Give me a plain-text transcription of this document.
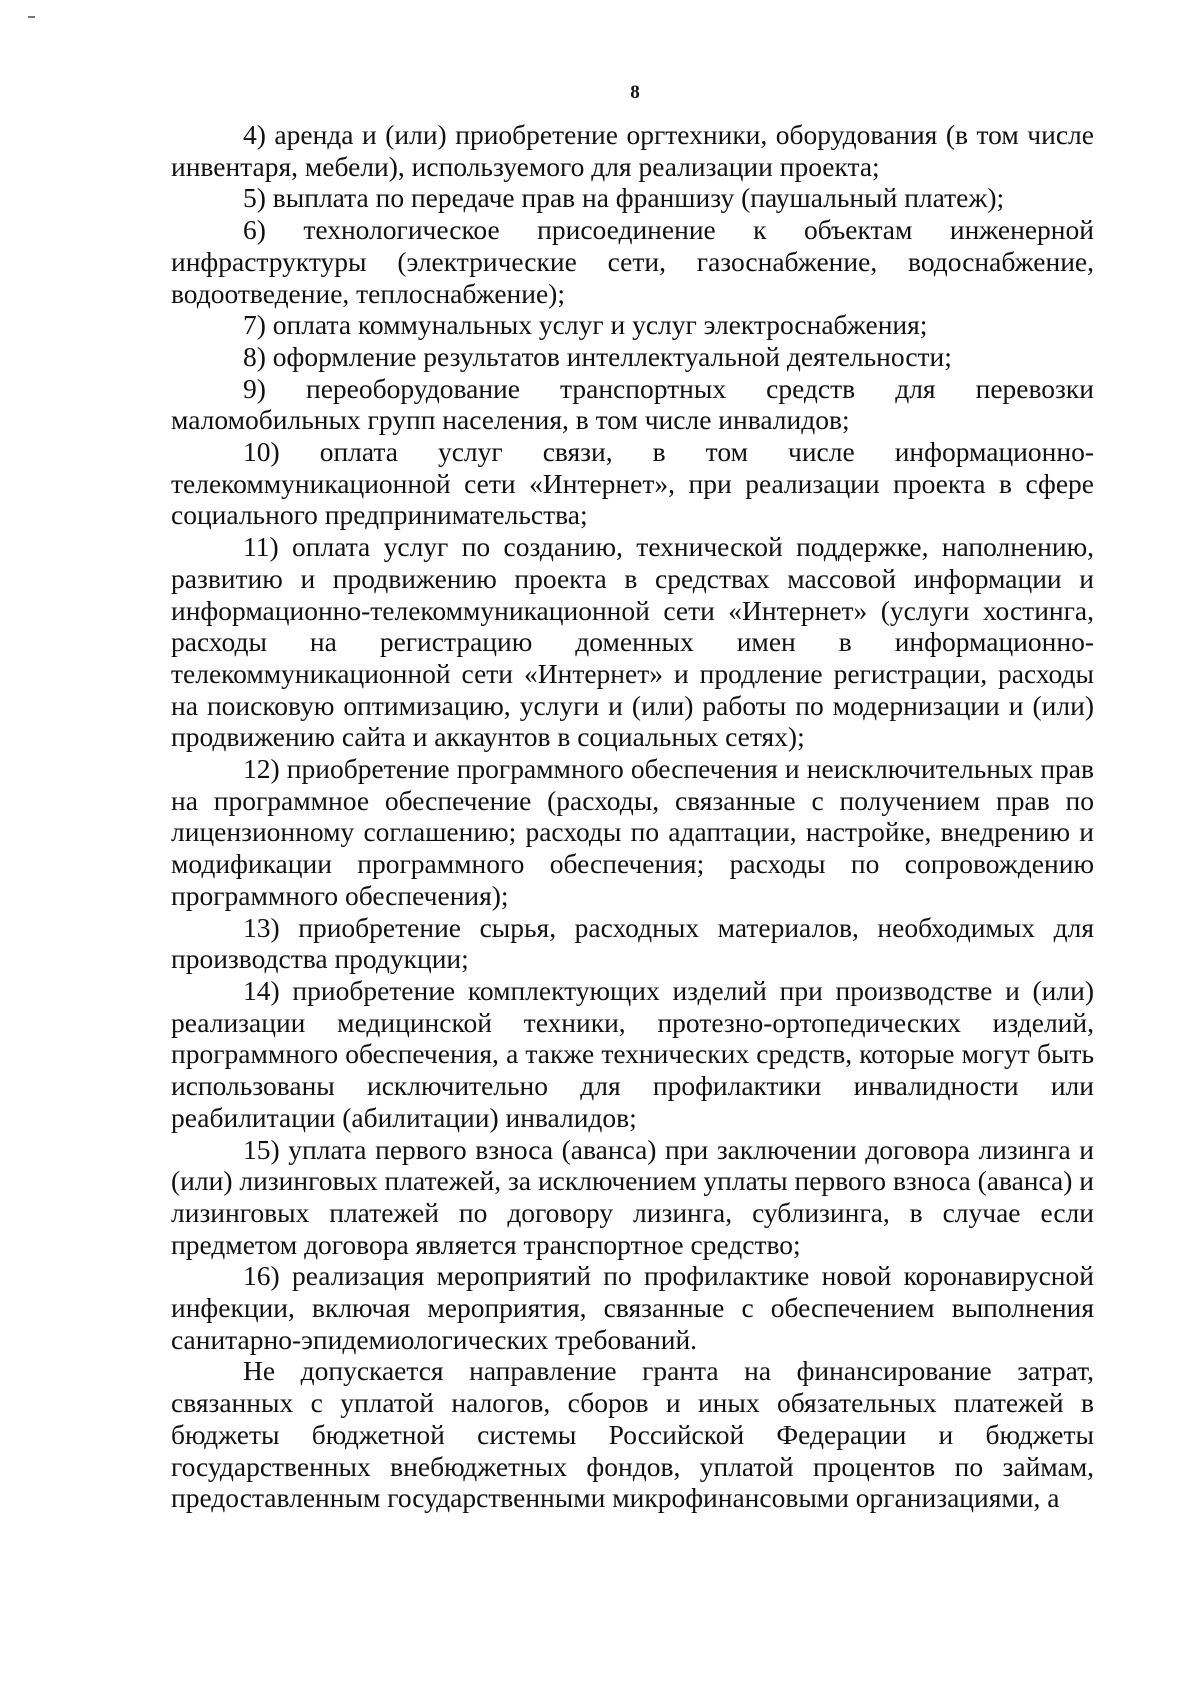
8

4) аренда и (или) приобретение оргтехники, оборудования (в том числе инвентаря, мебели), используемого для реализации проекта;

5) выплата по передаче прав на франшизу (паушальный платеж);

6) технологическое присоединение к объектам инженерной инфраструктуры (электрические сети, газоснабжение, водоснабжение, водоотведение, теплоснабжение);

7) оплата коммунальных услуг и услуг электроснабжения;

8) оформление результатов интеллектуальной деятельности;

9) переоборудование транспортных средств для перевозки маломобильных групп населения, в том числе инвалидов;

10) оплата услуг связи, в том числе информационно-телекоммуникационной сети «Интернет», при реализации проекта в сфере социального предпринимательства;

11) оплата услуг по созданию, технической поддержке, наполнению, развитию и продвижению проекта в средствах массовой информации и информационно-телекоммуникационной сети «Интернет» (услуги хостинга, расходы на регистрацию доменных имен в информационно-телекоммуникационной сети «Интернет» и продление регистрации, расходы на поисковую оптимизацию, услуги и (или) работы по модернизации и (или) продвижению сайта и аккаунтов в социальных сетях);

12) приобретение программного обеспечения и неисключительных прав на программное обеспечение (расходы, связанные с получением прав по лицензионному соглашению; расходы по адаптации, настройке, внедрению и модификации программного обеспечения; расходы по сопровождению программного обеспечения);

13) приобретение сырья, расходных материалов, необходимых для производства продукции;

14) приобретение комплектующих изделий при производстве и (или) реализации медицинской техники, протезно-ортопедических изделий, программного обеспечения, а также технических средств, которые могут быть использованы исключительно для профилактики инвалидности или реабилитации (абилитации) инвалидов;

15) уплата первого взноса (аванса) при заключении договора лизинга и (или) лизинговых платежей, за исключением уплаты первого взноса (аванса) и лизинговых платежей по договору лизинга, сублизинга, в случае если предметом договора является транспортное средство;

16) реализация мероприятий по профилактике новой коронавирусной инфекции, включая мероприятия, связанные с обеспечением выполнения санитарно-эпидемиологических требований.

Не допускается направление гранта на финансирование затрат, связанных с уплатой налогов, сборов и иных обязательных платежей в бюджеты бюджетной системы Российской Федерации и бюджеты государственных внебюджетных фондов, уплатой процентов по займам, предоставленным государственными микрофинансовыми организациями, а
